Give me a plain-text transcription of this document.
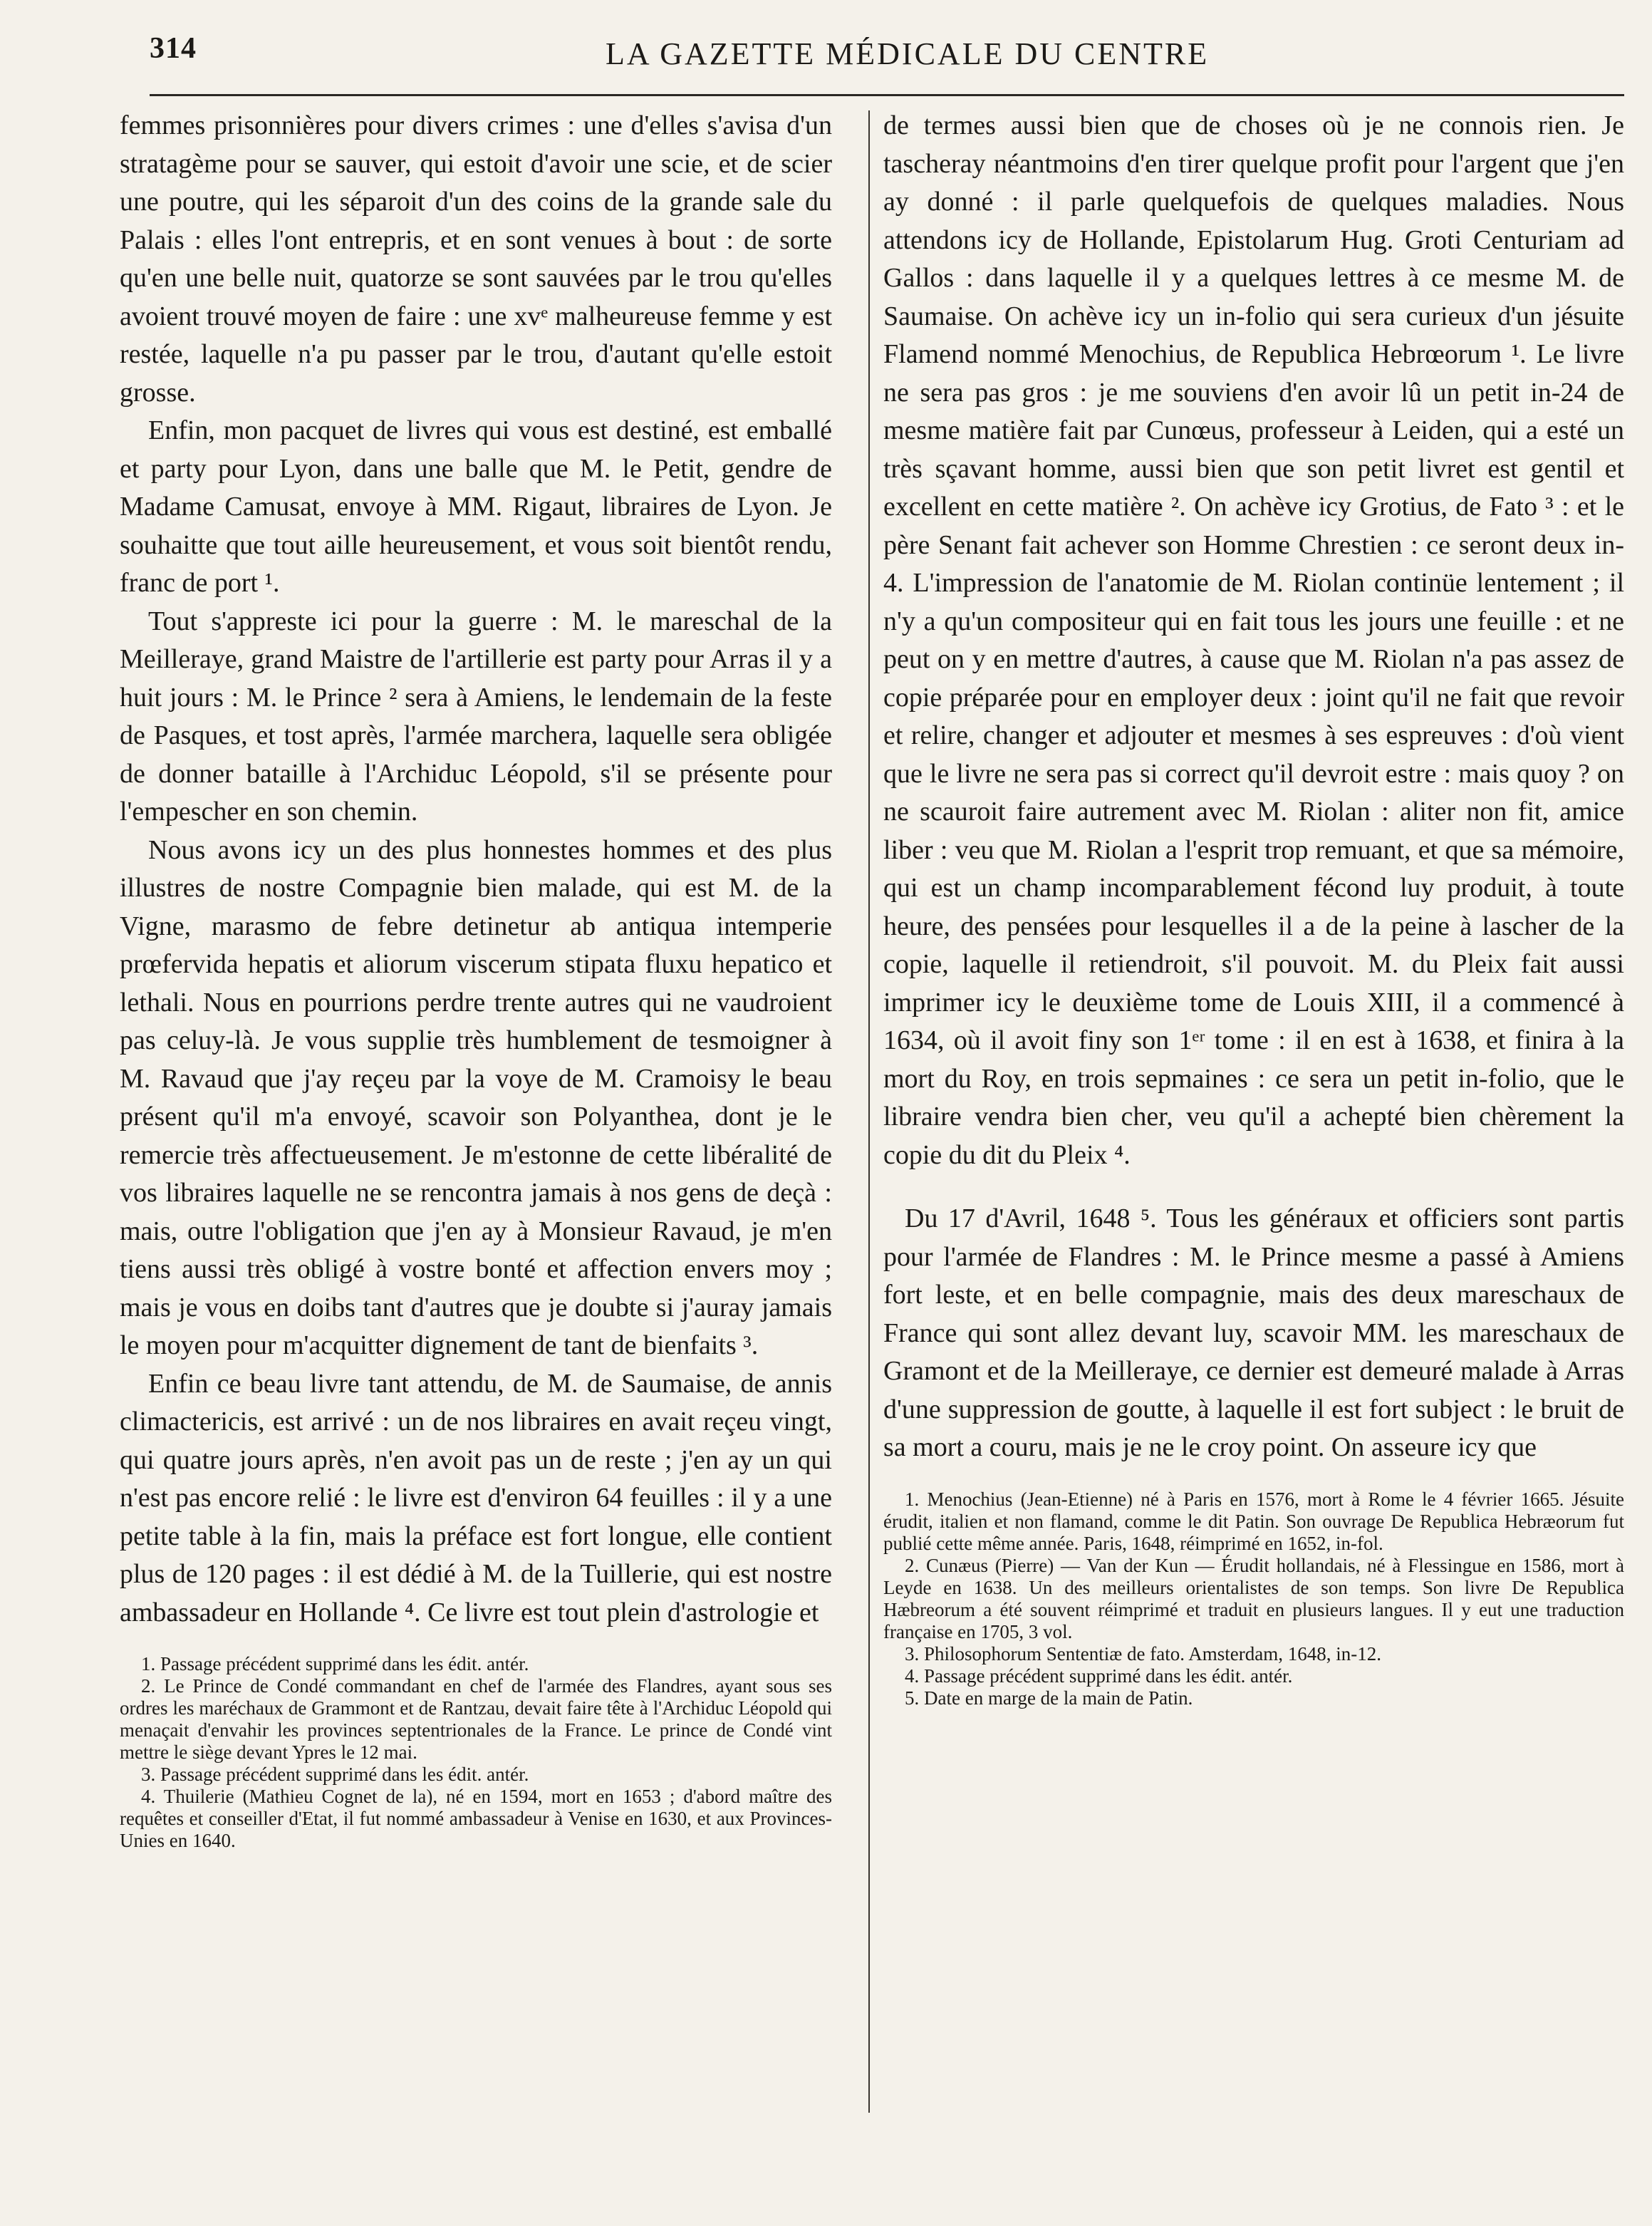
314	LA GAZETTE MÉDICALE DU CENTRE

femmes prisonnières pour divers crimes : une d'elles s'avisa d'un stratagème pour se sauver, qui estoit d'avoir une scie, et de scier une poutre, qui les séparoit d'un des coins de la grande sale du Palais : elles l'ont entrepris, et en sont venues à bout : de sorte qu'en une belle nuit, quatorze se sont sauvées par le trou qu'elles avoient trouvé moyen de faire : une xvᵉ malheureuse femme y est restée, laquelle n'a pu passer par le trou, d'autant qu'elle estoit grosse.

Enfin, mon pacquet de livres qui vous est destiné, est emballé et party pour Lyon, dans une balle que M. le Petit, gendre de Madame Camusat, envoye à MM. Rigaut, libraires de Lyon. Je souhaitte que tout aille heureusement, et vous soit bientôt rendu, franc de port ¹.

Tout s'appreste ici pour la guerre : M. le mareschal de la Meilleraye, grand Maistre de l'artillerie est party pour Arras il y a huit jours : M. le Prince ² sera à Amiens, le lendemain de la feste de Pasques, et tost après, l'armée marchera, laquelle sera obligée de donner bataille à l'Archiduc Léopold, s'il se présente pour l'empescher en son chemin.

Nous avons icy un des plus honnestes hommes et des plus illustres de nostre Compagnie bien malade, qui est M. de la Vigne, marasmo de febre detinetur ab antiqua intemperie prœfervida hepatis et aliorum viscerum stipata fluxu hepatico et lethali. Nous en pourrions perdre trente autres qui ne vaudroient pas celuy-là. Je vous supplie très humblement de tesmoigner à M. Ravaud que j'ay reçeu par la voye de M. Cramoisy le beau présent qu'il m'a envoyé, scavoir son Polyanthea, dont je le remercie très affectueusement. Je m'estonne de cette libéralité de vos libraires laquelle ne se rencontra jamais à nos gens de deçà : mais, outre l'obligation que j'en ay à Monsieur Ravaud, je m'en tiens aussi très obligé à vostre bonté et affection envers moy ; mais je vous en doibs tant d'autres que je doubte si j'auray jamais le moyen pour m'acquitter dignement de tant de bienfaits ³.

Enfin ce beau livre tant attendu, de M. de Saumaise, de annis climactericis, est arrivé : un de nos libraires en avait reçeu vingt, qui quatre jours après, n'en avoit pas un de reste ; j'en ay un qui n'est pas encore relié : le livre est d'environ 64 feuilles : il y a une petite table à la fin, mais la préface est fort longue, elle contient plus de 120 pages : il est dédié à M. de la Tuillerie, qui est nostre ambassadeur en Hollande ⁴. Ce livre est tout plein d'astrologie et

1. Passage précédent supprimé dans les édit. antér.

2. Le Prince de Condé commandant en chef de l'armée des Flandres, ayant sous ses ordres les maréchaux de Grammont et de Rantzau, devait faire tête à l'Archiduc Léopold qui menaçait d'envahir les provinces septentrionales de la France. Le prince de Condé vint mettre le siège devant Ypres le 12 mai.

3. Passage précédent supprimé dans les édit. antér.

4. Thuilerie (Mathieu Cognet de la), né en 1594, mort en 1653 ; d'abord maître des requêtes et conseiller d'Etat, il fut nommé ambassadeur à Venise en 1630, et aux Provinces-Unies en 1640.

de termes aussi bien que de choses où je ne connois rien. Je tascheray néantmoins d'en tirer quelque profit pour l'argent que j'en ay donné : il parle quelquefois de quelques maladies. Nous attendons icy de Hollande, Epistolarum Hug. Groti Centuriam ad Gallos : dans laquelle il y a quelques lettres à ce mesme M. de Saumaise. On achève icy un in-folio qui sera curieux d'un jésuite Flamend nommé Menochius, de Republica Hebrœorum ¹. Le livre ne sera pas gros : je me souviens d'en avoir lû un petit in-24 de mesme matière fait par Cunœus, professeur à Leiden, qui a esté un très sçavant homme, aussi bien que son petit livret est gentil et excellent en cette matière ². On achève icy Grotius, de Fato ³ : et le père Senant fait achever son Homme Chrestien : ce seront deux in-4. L'impression de l'anatomie de M. Riolan continüe lentement ; il n'y a qu'un compositeur qui en fait tous les jours une feuille : et ne peut on y en mettre d'autres, à cause que M. Riolan n'a pas assez de copie préparée pour en employer deux : joint qu'il ne fait que revoir et relire, changer et adjouter et mesmes à ses espreuves : d'où vient que le livre ne sera pas si correct qu'il devroit estre : mais quoy ? on ne scauroit faire autrement avec M. Riolan : aliter non fit, amice liber : veu que M. Riolan a l'esprit trop remuant, et que sa mémoire, qui est un champ incomparablement fécond luy produit, à toute heure, des pensées pour lesquelles il a de la peine à lascher de la copie, laquelle il retiendroit, s'il pouvoit. M. du Pleix fait aussi imprimer icy le deuxième tome de Louis XIII, il a commencé à 1634, où il avoit finy son 1ᵉʳ tome : il en est à 1638, et finira à la mort du Roy, en trois sepmaines : ce sera un petit in-folio, que le libraire vendra bien cher, veu qu'il a acheрté bien chèrement la copie du dit du Pleix ⁴.

Du 17 d'Avril, 1648 ⁵. Tous les généraux et officiers sont partis pour l'armée de Flandres : M. le Prince mesme a passé à Amiens fort leste, et en belle compagnie, mais des deux mareschaux de France qui sont allez devant luy, scavoir MM. les mareschaux de Gramont et de la Meilleraye, ce dernier est demeuré malade à Arras d'une suppression de goutte, à laquelle il est fort subject : le bruit de sa mort a couru, mais je ne le croy point. On asseure icy que

1. Menochius (Jean-Etienne) né à Paris en 1576, mort à Rome le 4 février 1665. Jésuite érudit, italien et non flamand, comme le dit Patin. Son ouvrage De Republica Hebræorum fut publié cette même année. Paris, 1648, réimprimé en 1652, in-fol.

2. Cunæus (Pierre) — Van der Kun — Érudit hollandais, né à Flessingue en 1586, mort à Leyde en 1638. Un des meilleurs orientalistes de son temps. Son livre De Republica Hæbreorum a été souvent réimprimé et traduit en plusieurs langues. Il y eut une traduction française en 1705, 3 vol.

3. Philosophorum Sententiæ de fato. Amsterdam, 1648, in-12.

4. Passage précédent supprimé dans les édit. antér.

5. Date en marge de la main de Patin.
